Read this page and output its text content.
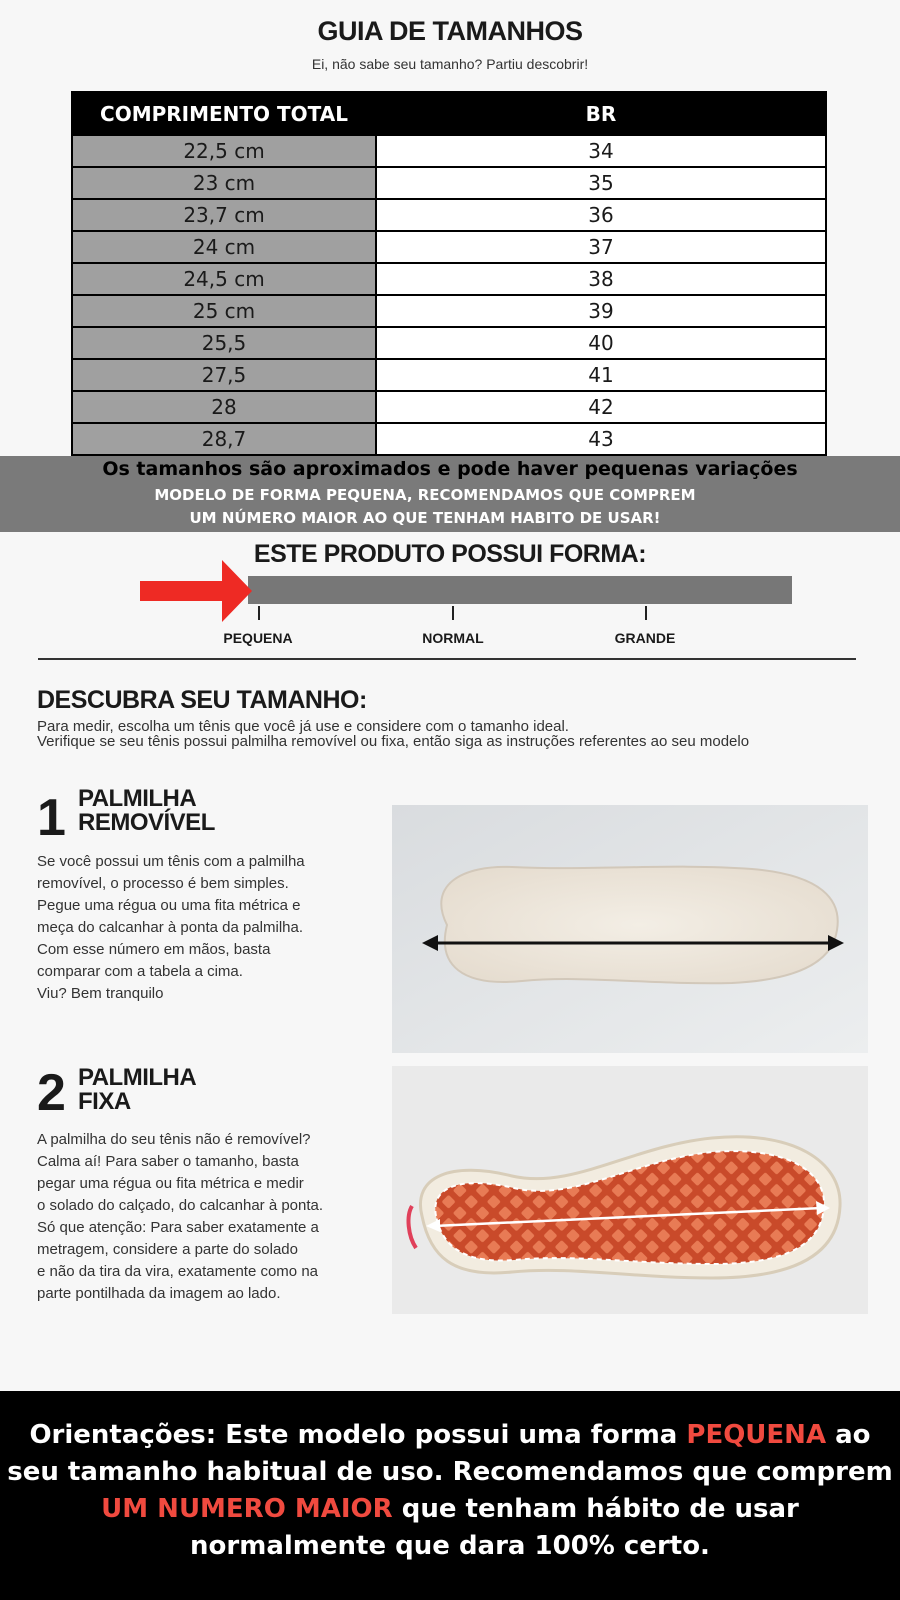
GUIA DE TAMANHOS
Ei, não sabe seu tamanho? Partiu descobrir!
COMPRIMENTO TOTAL	BR
22,5 cm	34
23 cm	35
23,7 cm	36
24 cm	37
24,5 cm	38
25 cm	39
25,5	40
27,5	41
28	42
28,7	43
Os tamanhos são aproximados e pode haver pequenas variações
MODELO DE FORMA PEQUENA, RECOMENDAMOS QUE COMPREM
UM NÚMERO MAIOR AO QUE TENHAM HABITO DE USAR!
ESTE PRODUTO POSSUI FORMA:
PEQUENA	NORMAL	GRANDE
DESCUBRA SEU TAMANHO:
Para medir, escolha um tênis que você já use e considere com o tamanho ideal.
Verifique se seu tênis possui palmilha removível ou fixa, então siga as instruções referentes ao seu modelo
1 PALMILHA
REMOVÍVEL
Se você possui um tênis com a palmilha
removível, o processo é bem simples.
Pegue uma régua ou uma fita métrica e
meça do calcanhar à ponta da palmilha.
Com esse número em mãos, basta
comparar com a tabela a cima.
Viu? Bem tranquilo
2 PALMILHA
FIXA
A palmilha do seu tênis não é removível?
Calma aí! Para saber o tamanho, basta
pegar uma régua ou fita métrica e medir
o solado do calçado, do calcanhar à ponta.
Só que atenção: Para saber exatamente a
metragem, considere a parte do solado
e não da tira da vira, exatamente como na
parte pontilhada da imagem ao lado.
Orientações: Este modelo possui uma forma PEQUENA ao seu tamanho habitual de uso. Recomendamos que comprem UM NUMERO MAIOR que tenham hábito de usar normalmente que dara 100% certo.
